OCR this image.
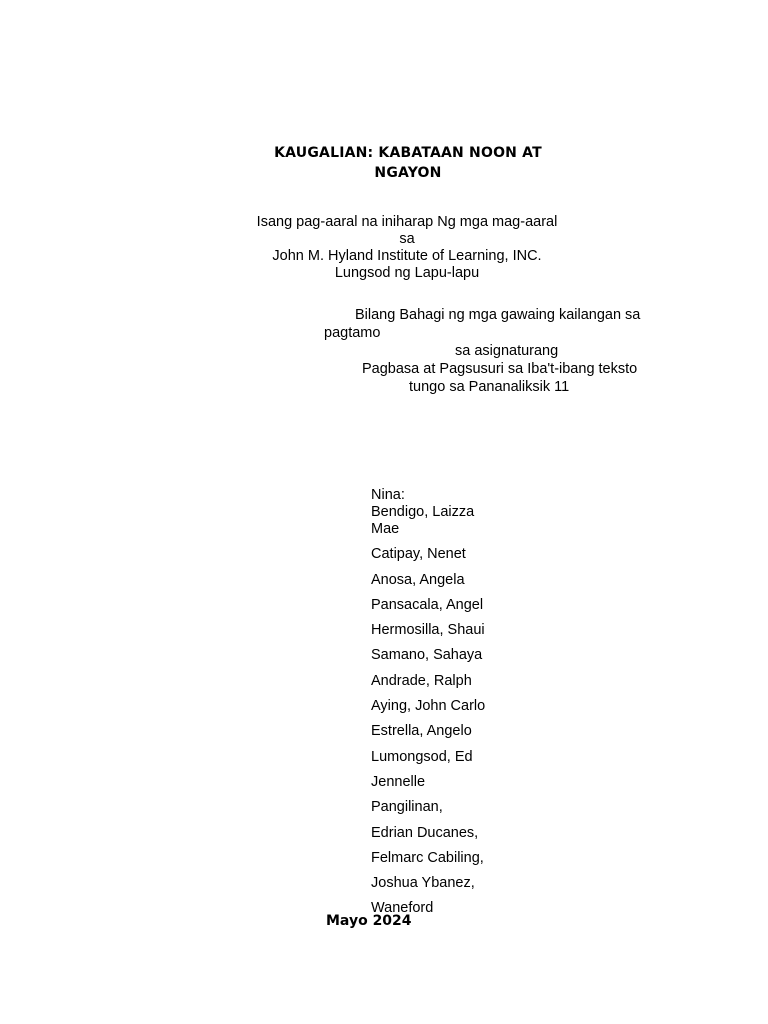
KAUGALIAN: KABATAAN NOON AT
NGAYON
Isang pag-aaral na iniharap Ng mga mag-aaral
sa
John M. Hyland Institute of Learning, INC.
Lungsod ng Lapu-lapu
Bilang Bahagi ng mga gawaing kailangan sa
pagtamo
sa asignaturang
Pagbasa at Pagsusuri sa Iba't-ibang teksto
tungo sa Pananaliksik 11
Nina:
Bendigo, Laizza Mae
Catipay, Nenet
Anosa, Angela
Pansacala, Angel
Hermosilla, Shaui
Samano, Sahaya
Andrade, Ralph
Aying, John Carlo
Estrella, Angelo
Lumongsod, Ed
Jennelle
Pangilinan,
Edrian Ducanes,
Felmarc Cabiling,
Joshua Ybanez,
Waneford
Mayo 2024
